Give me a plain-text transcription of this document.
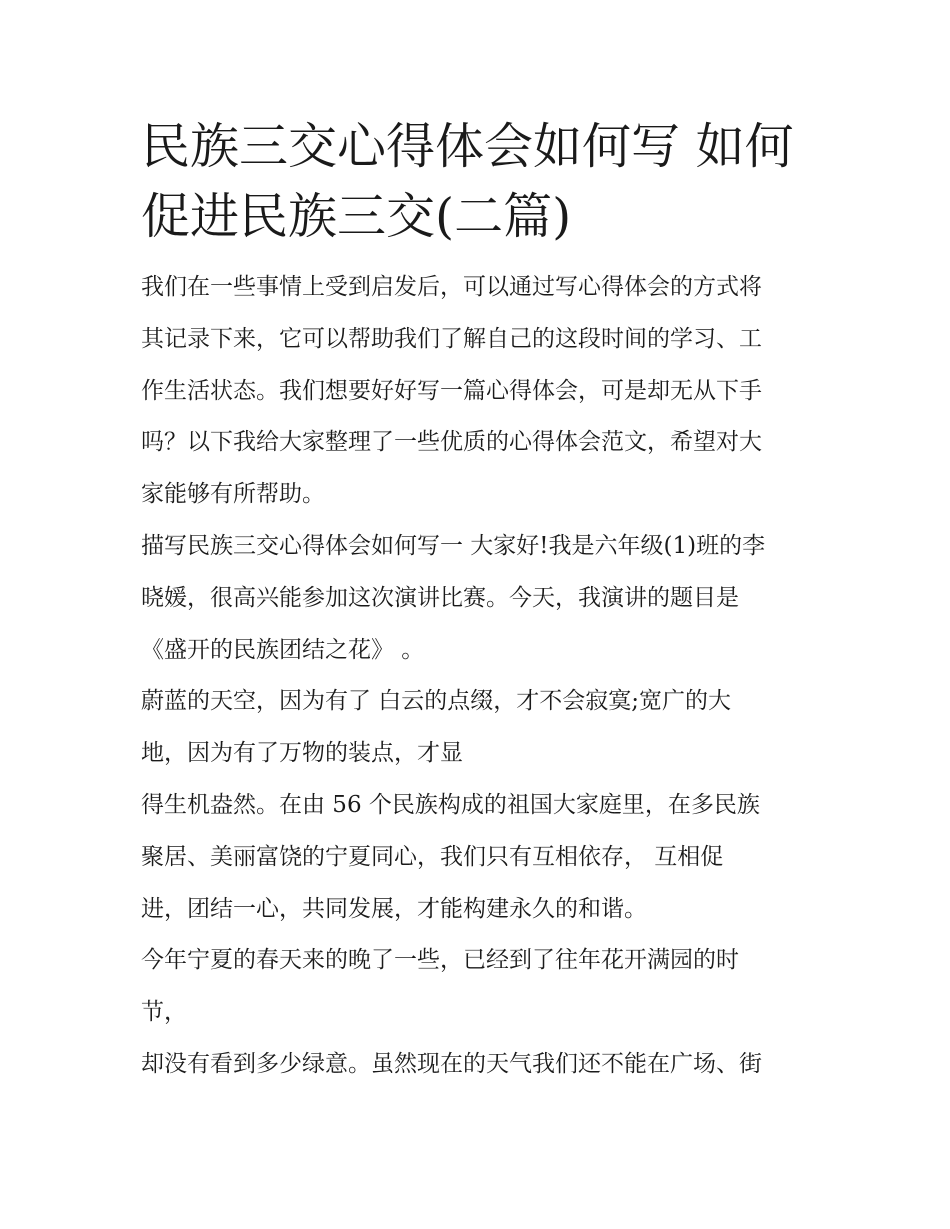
民族三交心得体会如何写 如何
促进民族三交(二篇)
我们在一些事情上受到启发后，可以通过写心得体会的方式将
其记录下来，它可以帮助我们了解自己的这段时间的学习、工
作生活状态。我们想要好好写一篇心得体会，可是却无从下手
吗？以下我给大家整理了一些优质的心得体会范文，希望对大
家能够有所帮助。
描写民族三交心得体会如何写一 大家好!我是六年级(1)班的李
晓媛，很高兴能参加这次演讲比赛。今天，我演讲的题目是
《盛开的民族团结之花》 。
蔚蓝的天空，因为有了 白云的点缀，才不会寂寞;宽广的大
地，因为有了万物的装点，才显
得生机盎然。在由 56 个民族构成的祖国大家庭里，在多民族
聚居、美丽富饶的宁夏同心，我们只有互相依存， 互相促
进，团结一心，共同发展，才能构建永久的和谐。
今年宁夏的春天来的晚了一些，已经到了往年花开满园的时
节，
却没有看到多少绿意。虽然现在的天气我们还不能在广场、街
